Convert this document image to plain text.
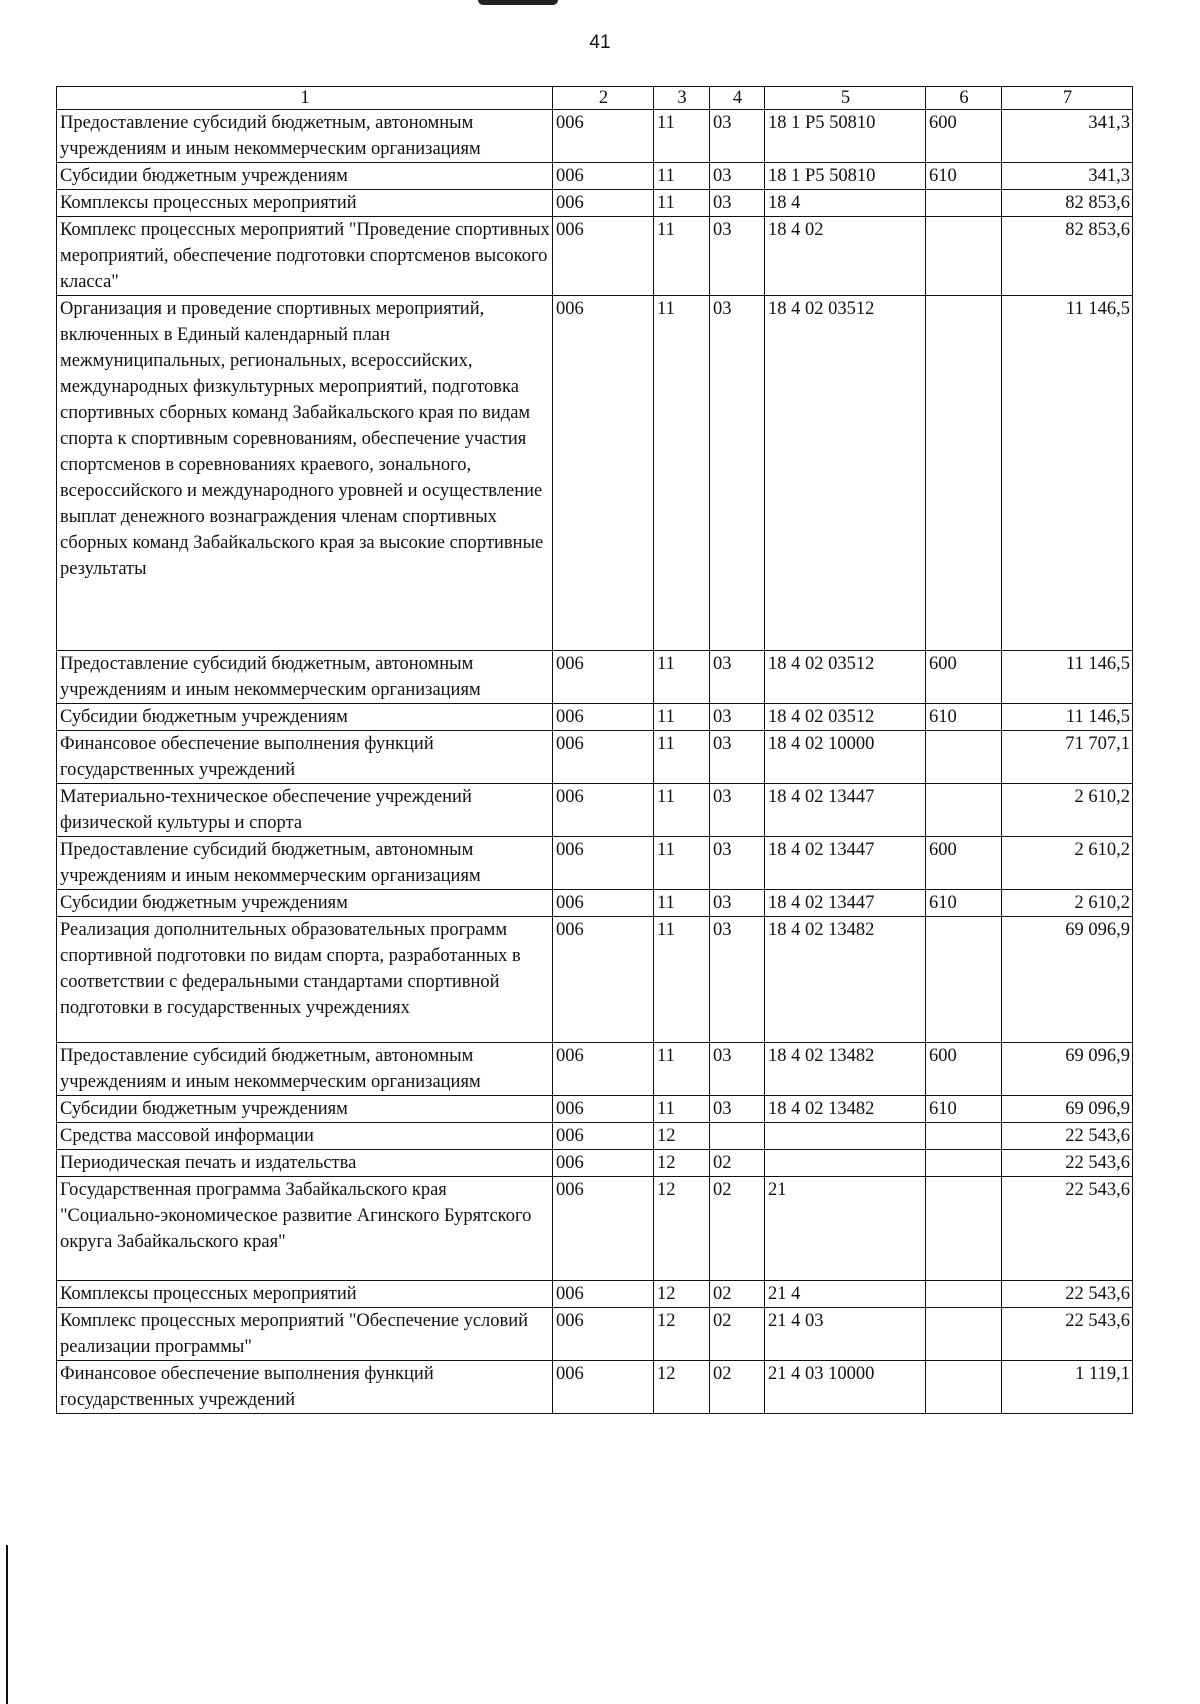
41
1	2	3	4	5	6	7
Предоставление субсидий бюджетным, автономным учреждениям и иным некоммерческим организациям	006	11	03	18 1 P5 50810	600	341,3
Субсидии бюджетным учреждениям	006	11	03	18 1 P5 50810	610	341,3
Комплексы процессных мероприятий	006	11	03	18 4		82 853,6
Комплекс процессных мероприятий "Проведение спортивных мероприятий, обеспечение подготовки спортсменов высокого класса"	006	11	03	18 4 02		82 853,6
Организация и проведение спортивных мероприятий, включенных в Единый календарный план межмуниципальных, региональных, всероссийских, международных физкультурных мероприятий, подготовка спортивных сборных команд Забайкальского края по видам спорта к спортивным соревнованиям, обеспечение участия спортсменов в соревнованиях краевого, зонального, всероссийского и международного уровней и осуществление выплат денежного вознаграждения членам спортивных сборных команд Забайкальского края за высокие спортивные результаты	006	11	03	18 4 02 03512		11 146,5
Предоставление субсидий бюджетным, автономным учреждениям и иным некоммерческим организациям	006	11	03	18 4 02 03512	600	11 146,5
Субсидии бюджетным учреждениям	006	11	03	18 4 02 03512	610	11 146,5
Финансовое обеспечение выполнения функций государственных учреждений	006	11	03	18 4 02 10000		71 707,1
Материально-техническое обеспечение учреждений физической культуры и спорта	006	11	03	18 4 02 13447		2 610,2
Предоставление субсидий бюджетным, автономным учреждениям и иным некоммерческим организациям	006	11	03	18 4 02 13447	600	2 610,2
Субсидии бюджетным учреждениям	006	11	03	18 4 02 13447	610	2 610,2
Реализация дополнительных образовательных программ спортивной подготовки по видам спорта, разработанных в соответствии с федеральными стандартами спортивной подготовки в государственных учреждениях	006	11	03	18 4 02 13482		69 096,9
Предоставление субсидий бюджетным, автономным учреждениям и иным некоммерческим организациям	006	11	03	18 4 02 13482	600	69 096,9
Субсидии бюджетным учреждениям	006	11	03	18 4 02 13482	610	69 096,9
Средства массовой информации	006	12				22 543,6
Периодическая печать и издательства	006	12	02			22 543,6
Государственная программа Забайкальского края "Социально-экономическое развитие Агинского Бурятского округа Забайкальского края"	006	12	02	21		22 543,6
Комплексы процессных мероприятий	006	12	02	21 4		22 543,6
Комплекс процессных мероприятий "Обеспечение условий реализации программы"	006	12	02	21 4 03		22 543,6
Финансовое обеспечение выполнения функций государственных учреждений	006	12	02	21 4 03 10000		1 119,1
